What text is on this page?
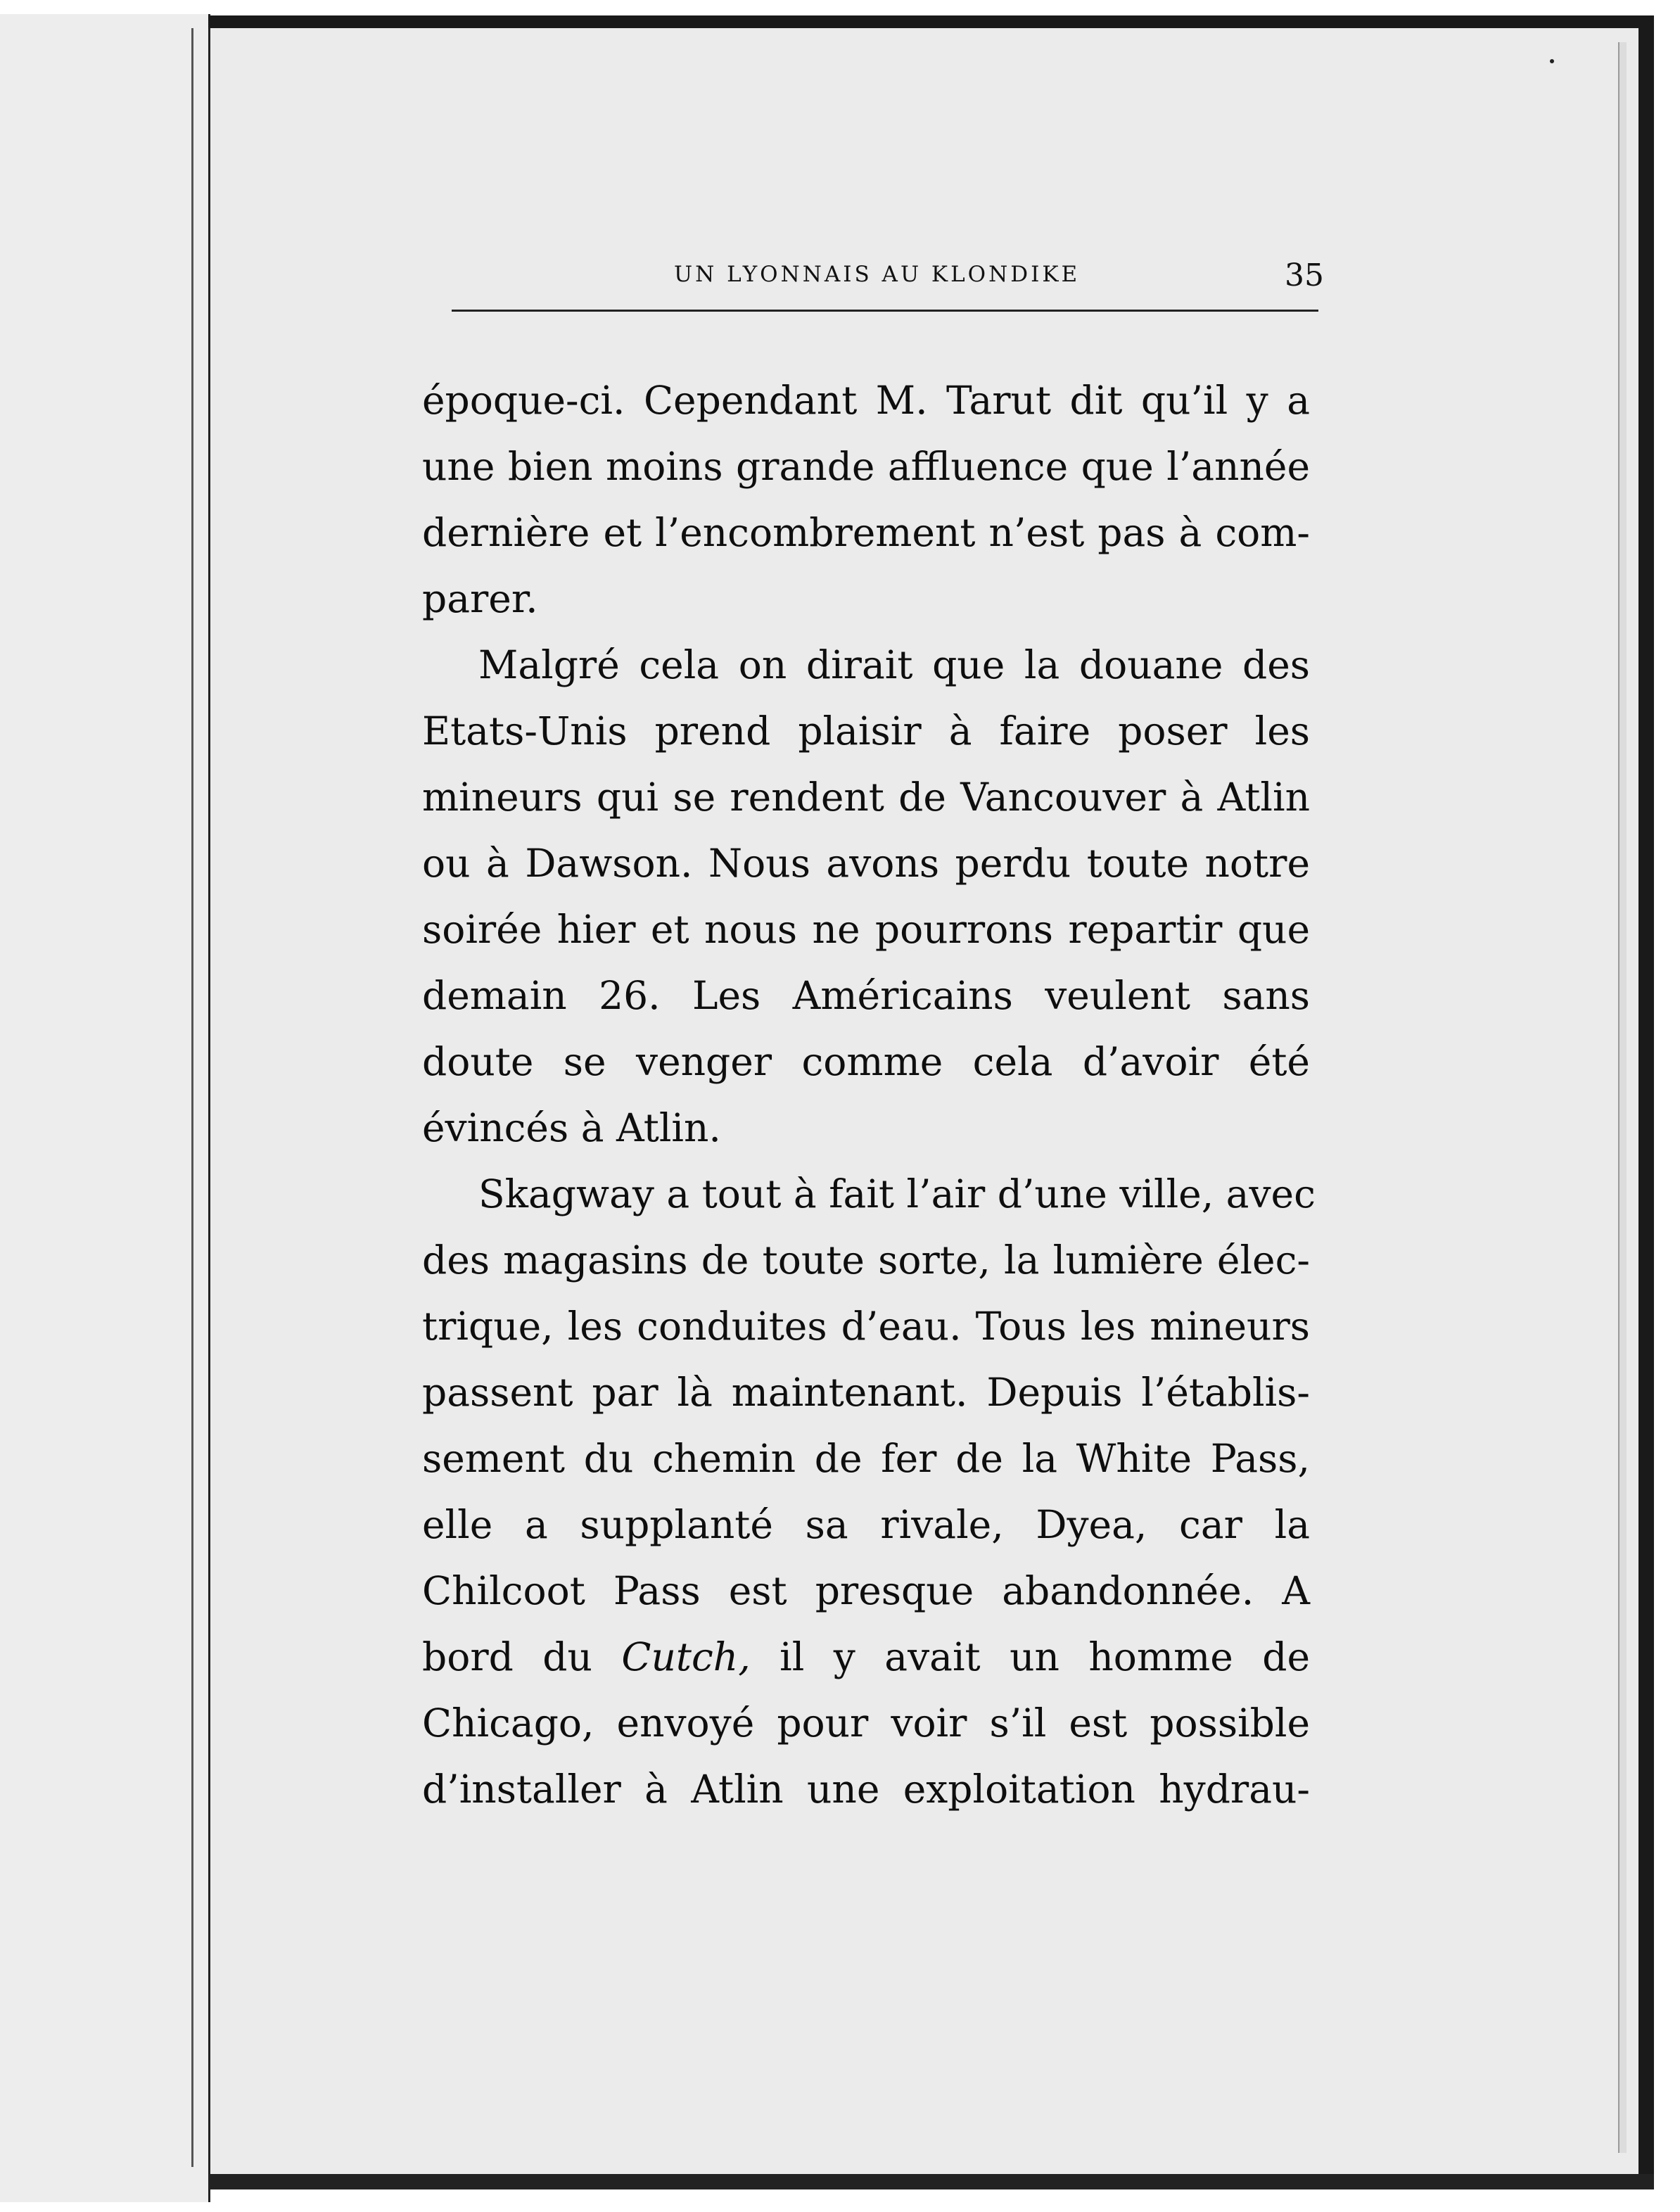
UN LYONNAIS AU KLONDIKE	35
époque-ci. Cependant M. Tarut dit qu’il y a
une bien moins grande affluence que l’année
dernière et l’encombrement n’est pas à com-
parer.
Malgré cela on dirait que la douane des
Etats-Unis prend plaisir à faire poser les
mineurs qui se rendent de Vancouver à Atlin
ou à Dawson. Nous avons perdu toute notre
soirée hier et nous ne pourrons repartir que
demain 26. Les Américains veulent sans
doute se venger comme cela d’avoir été
évincés à Atlin.
Skagway a tout à fait l’air d’une ville, avec
des magasins de toute sorte, la lumière élec-
trique, les conduites d’eau. Tous les mineurs
passent par là maintenant. Depuis l’établis-
sement du chemin de fer de la White Pass,
elle a supplanté sa rivale, Dyea, car la
Chilcoot Pass est presque abandonnée. A
bord du Cutch, il y avait un homme de
Chicago, envoyé pour voir s’il est possible
d’installer à Atlin une exploitation hydrau-
